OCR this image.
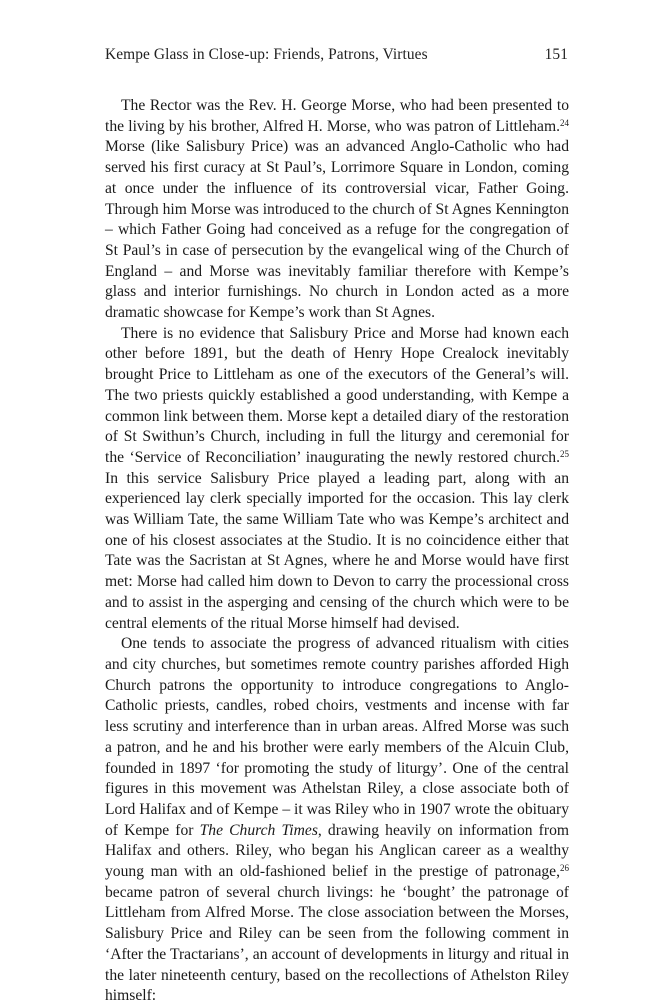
Kempe Glass in Close-up: Friends, Patrons, Virtues	151

The Rector was the Rev. H. George Morse, who had been presented to the living by his brother, Alfred H. Morse, who was patron of Littleham.$^{24}$ Morse (like Salisbury Price) was an advanced Anglo-Catholic who had served his first curacy at St Paul’s, Lorrimore Square in London, coming at once under the influence of its controversial vicar, Father Going. Through him Morse was introduced to the church of St Agnes Kennington – which Father Going had conceived as a refuge for the congregation of St Paul’s in case of persecution by the evangelical wing of the Church of England – and Morse was inevitably familiar therefore with Kempe’s glass and interior furnishings. No church in London acted as a more dramatic showcase for Kempe’s work than St Agnes.

There is no evidence that Salisbury Price and Morse had known each other before 1891, but the death of Henry Hope Crealock inevitably brought Price to Littleham as one of the executors of the General’s will. The two priests quickly established a good understanding, with Kempe a common link between them. Morse kept a detailed diary of the restoration of St Swithun’s Church, including in full the liturgy and ceremonial for the ‘Service of Reconciliation’ inaugurating the newly restored church.$^{25}$ In this service Salisbury Price played a leading part, along with an experienced lay clerk specially imported for the occasion. This lay clerk was William Tate, the same William Tate who was Kempe’s architect and one of his closest associates at the Studio. It is no coincidence either that Tate was the Sacristan at St Agnes, where he and Morse would have first met: Morse had called him down to Devon to carry the processional cross and to assist in the asperging and censing of the church which were to be central elements of the ritual Morse himself had devised.

One tends to associate the progress of advanced ritualism with cities and city churches, but sometimes remote country parishes afforded High Church patrons the opportunity to introduce congregations to Anglo-Catholic priests, candles, robed choirs, vestments and incense with far less scrutiny and interference than in urban areas. Alfred Morse was such a patron, and he and his brother were early members of the Alcuin Club, founded in 1897 ‘for promoting the study of liturgy’. One of the central figures in this movement was Athelstan Riley, a close associate both of Lord Halifax and of Kempe – it was Riley who in 1907 wrote the obituary of Kempe for The Church Times, drawing heavily on information from Halifax and others. Riley, who began his Anglican career as a wealthy young man with an old-fashioned belief in the prestige of patronage,$^{26}$ became patron of several church livings: he ‘bought’ the patronage of Littleham from Alfred Morse. The close association between the Morses, Salisbury Price and Riley can be seen from the following comment in ‘After the Tractarians’, an account of developments in liturgy and ritual in the later nineteenth century, based on the recollections of Athelston Riley himself:
